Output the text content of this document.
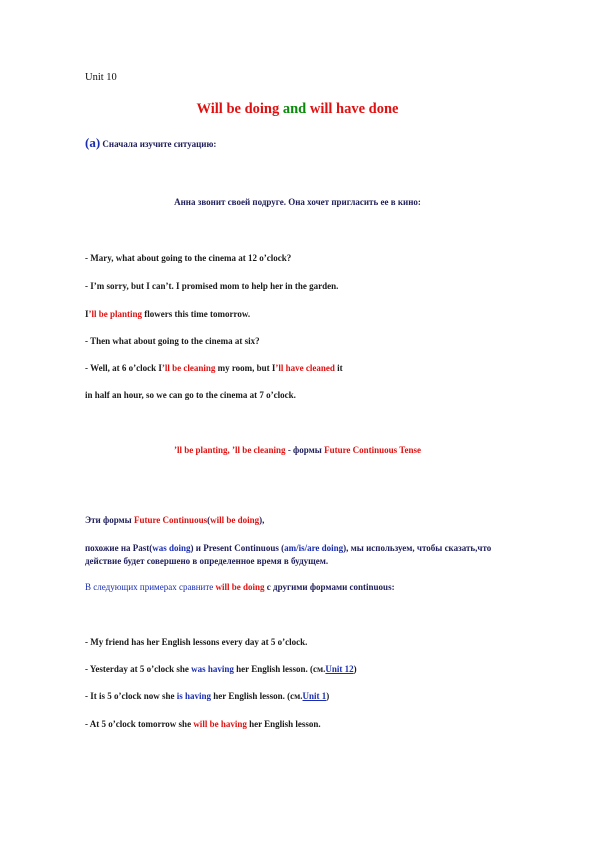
Unit 10
Will be doing and will have done
(a) Сначала изучите ситуацию:
Анна звонит своей подруге. Она хочет пригласить ее в кино:
- Mary, what about going to the cinema at 12 o’clock?
- I’m sorry, but I can’t. I promised mom to help her in the garden.
I’ll be planting flowers this time tomorrow.
- Then what about going to the cinema at six?
- Well, at 6 o’clock I’ll be cleaning my room, but I’ll have cleaned it
in half an hour, so we can go to the cinema at 7 o’clock.
’ll be planting, ’ll be cleaning - формы Future Continuous Tense
Эти формы Future Continuous(will be doing),
похожие на Past(was doing) и Present Continuous (am/is/are doing), мы используем, чтобы сказать,что
действие будет совершено в определенное время в будущем.
В следующих примерах сравните will be doing с другими формами continuous:
- My friend has her English lessons every day at 5 o’clock.
- Yesterday at 5 o’clock she was having her English lesson. (см.Unit 12)
- It is 5 o’clock now she is having her English lesson. (см.Unit 1)
- At 5 o’clock tomorrow she will be having her English lesson.
